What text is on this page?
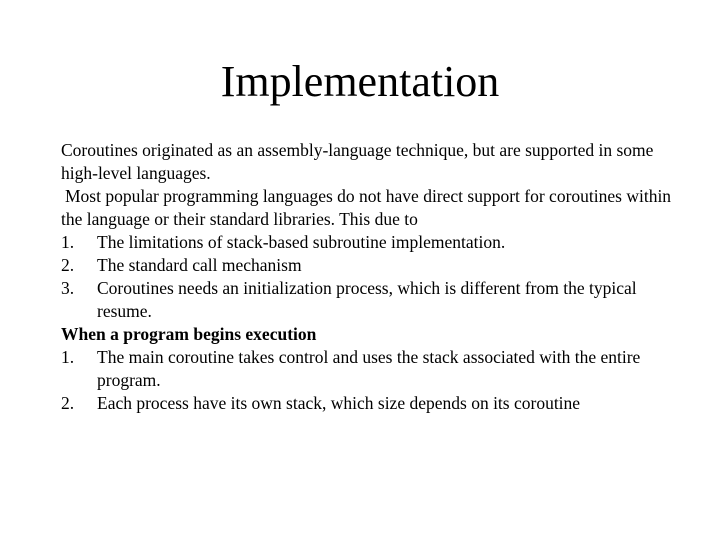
Implementation

Coroutines originated as an assembly-language technique, but are supported in some high-level languages.

Most popular programming languages do not have direct support for coroutines within the language or their standard libraries. This due to

1.	The limitations of stack-based subroutine implementation.
2.	The standard call mechanism
3.	Coroutines needs an initialization process, which is different from the typical resume.

When a program begins execution

1.	The main coroutine takes control and uses the stack associated with the entire program.
2.	Each process have its own stack, which size depends on its coroutine
